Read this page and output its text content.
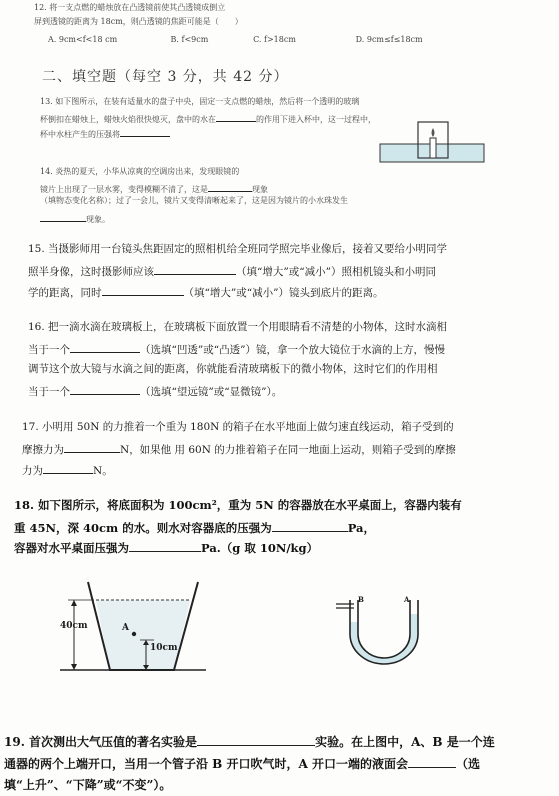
12. 将一支点燃的蜡烛放在凸透镜前使其凸透镜成倒立
屏到透镜的距离为 18cm，则凸透镜的焦距可能是（　　）
A. 9cm<f<18 cm	B. f<9cm	C. f>18cm	D. 9cm≤f≤18cm
二、填空题（每空 3 分，共 42 分）
13. 如下图所示，在装有适量水的盘子中央，固定一支点燃的蜡烛，然后将一个透明的玻璃
杯倒扣在蜡烛上，蜡烛火焰很快熄灭，盘中的水在	的作用下进入杯中，这一过程中，
杯中水柱产生的压强将
14. 炎热的夏天，小华从凉爽的空调房出来，发现眼镜的
镜片上出现了一层水雾，变得模糊不清了，这是	现象
（填物态变化名称）；过了一会儿，镜片又变得清晰起来了，这是因为镜片的小水珠发生
现象。
15. 当摄影师用一台镜头焦距固定的照相机给全班同学照完毕业像后，接着又要给小明同学
照半身像，这时摄影师应该	（填“增大”或“减小”）照相机镜头和小明同
学的距离，同时	（填“增大”或“减小”）镜头到底片的距离。
16. 把一滴水滴在玻璃板上，在玻璃板下面放置一个用眼睛看不清楚的小物体，这时水滴相
当于一个	（选填“凹透”或“凸透”）镜，拿一个放大镜位于水滴的上方，慢慢
调节这个放大镜与水滴之间的距离，你就能看清玻璃板下的微小物体，这时它们的作用相
当于一个	（选填“望远镜”或“显微镜”）。
17. 小明用 50N 的力推着一个重为 180N 的箱子在水平地面上做匀速直线运动，箱子受到的
摩擦力为	N，如果他 用 60N 的力推着箱子在同一地面上运动，则箱子受到的摩擦
力为	N。
18. 如下图所示，将底面积为 100cm²，重为 5N 的容器放在水平桌面上，容器内装有
重 45N，深 40cm 的水。则水对容器底的压强为	Pa，
容器对水平桌面压强为	Pa.（g 取 10N/kg）
40cm	A
10cm
B	A
19. 首次测出大气压值的著名实验是	实验。在上图中，A、B 是一个连
通器的两个上端开口，当用一个管子沿 B 开口吹气时，A 开口一端的液面会	（选
填“上升”、“下降”或“不变”）。
